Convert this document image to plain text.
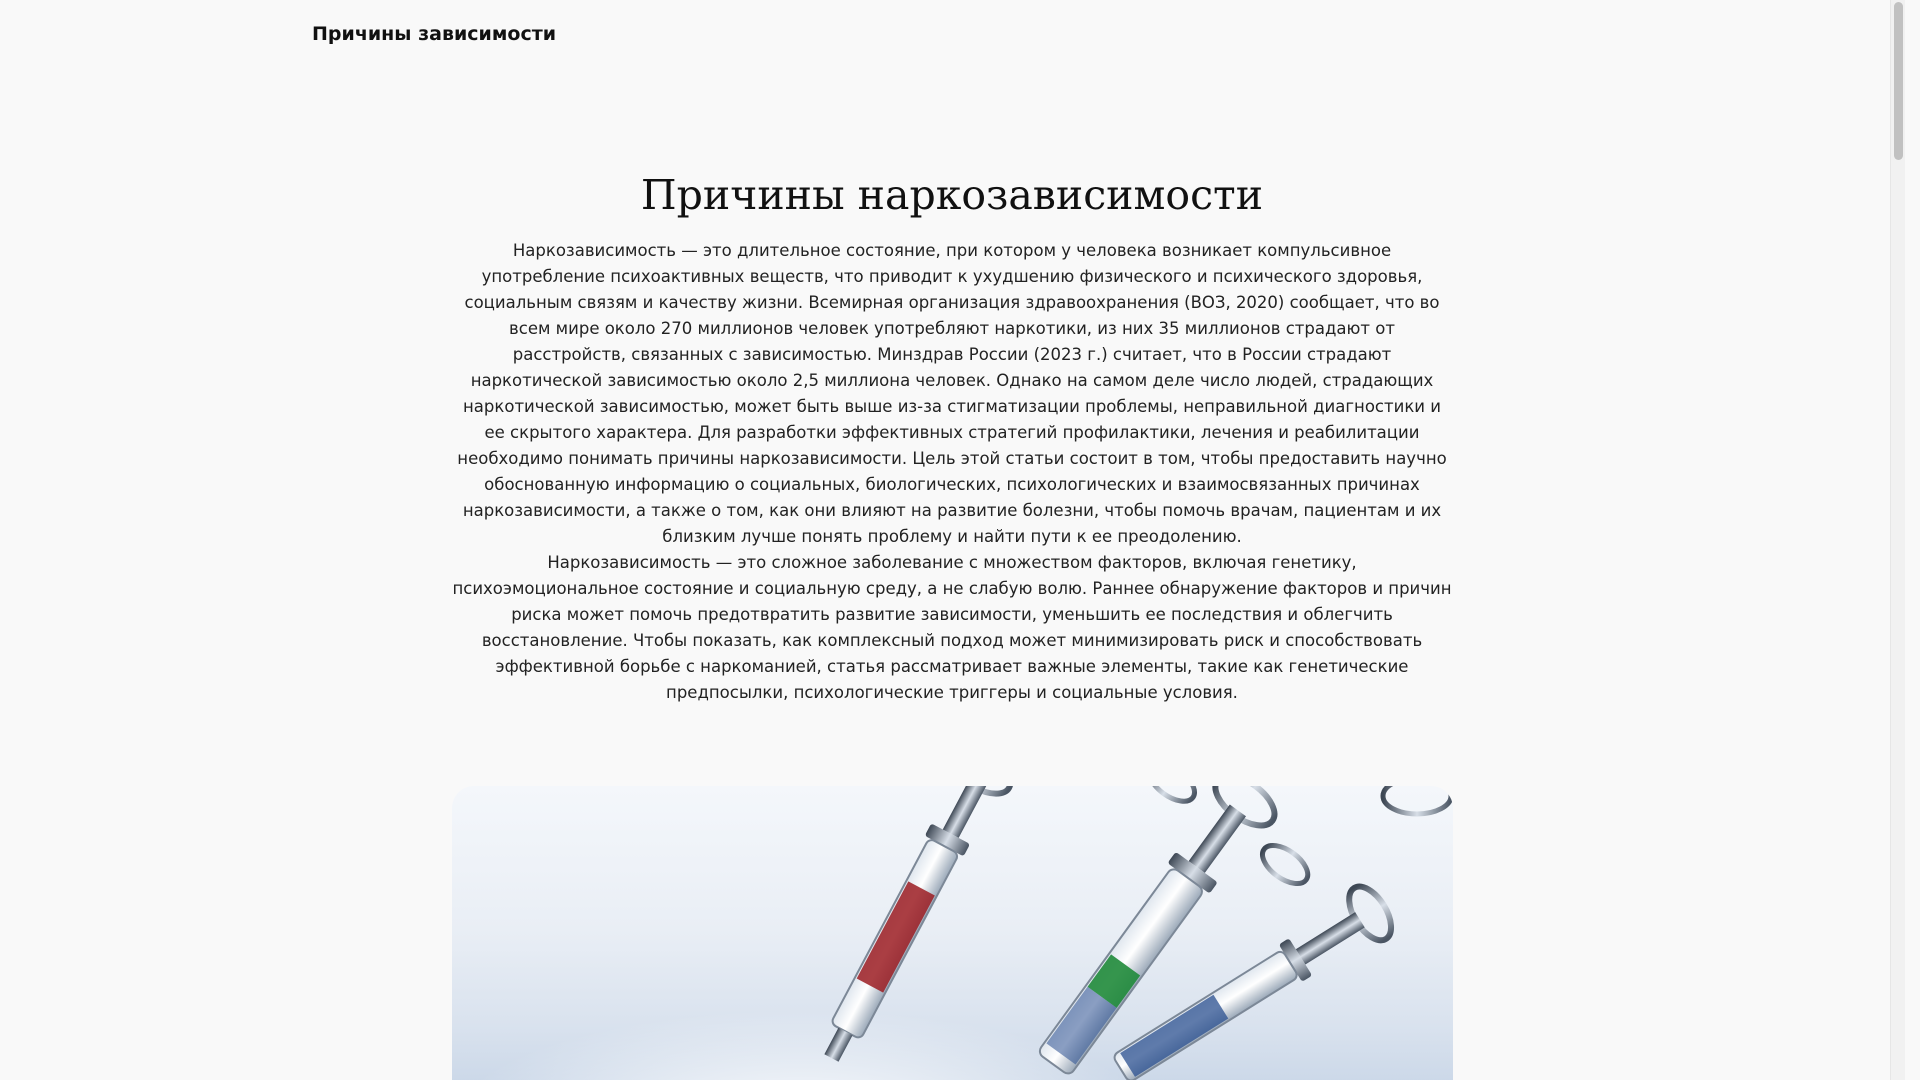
Причины зависимости
Причины наркозависимости

Наркозависимость — это длительное состояние, при котором у человека возникает компульсивное употребление психоактивных веществ, что приводит к ухудшению физического и психического здоровья, социальным связям и качеству жизни. Всемирная организация здравоохранения (ВОЗ, 2020) сообщает, что во всем мире около 270 миллионов человек употребляют наркотики, из них 35 миллионов страдают от расстройств, связанных с зависимостью. Минздрав России (2023 г.) считает, что в России страдают наркотической зависимостью около 2,5 миллиона человек. Однако на самом деле число людей, страдающих наркотической зависимостью, может быть выше из-за стигматизации проблемы, неправильной диагностики и ее скрытого характера. Для разработки эффективных стратегий профилактики, лечения и реабилитации необходимо понимать причины наркозависимости. Цель этой статьи состоит в том, чтобы предоставить научно обоснованную информацию о социальных, биологических, психологических и взаимосвязанных причинах наркозависимости, а также о том, как они влияют на развитие болезни, чтобы помочь врачам, пациентам и их близким лучше понять проблему и найти пути к ее преодолению.

Наркозависимость — это сложное заболевание с множеством факторов, включая генетику, психоэмоциональное состояние и социальную среду, а не слабую волю. Раннее обнаружение факторов и причин риска может помочь предотвратить развитие зависимости, уменьшить ее последствия и облегчить восстановление. Чтобы показать, как комплексный подход может минимизировать риск и способствовать эффективной борьбе с наркоманией, статья рассматривает важные элементы, такие как генетические предпосылки, психологические триггеры и социальные условия.
